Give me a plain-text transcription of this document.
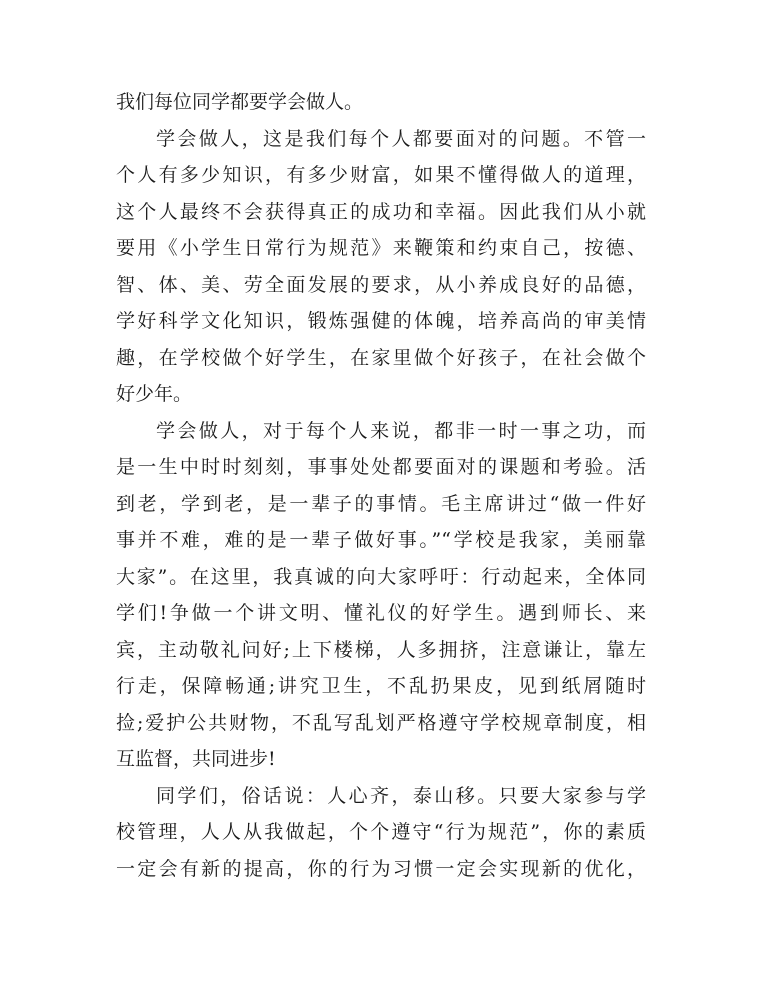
我们每位同学都要学会做人。
学会做人，这是我们每个人都要面对的问题。不管一
个人有多少知识，有多少财富，如果不懂得做人的道理，
这个人最终不会获得真正的成功和幸福。因此我们从小就
要用《小学生日常行为规范》来鞭策和约束自己，按德、
智、体、美、劳全面发展的要求，从小养成良好的品德，
学好科学文化知识，锻炼强健的体魄，培养高尚的审美情
趣，在学校做个好学生，在家里做个好孩子，在社会做个
好少年。
学会做人，对于每个人来说，都非一时一事之功，而
是一生中时时刻刻，事事处处都要面对的课题和考验。活
到老，学到老，是一辈子的事情。毛主席讲过“做一件好
事并不难，难的是一辈子做好事。”“学校是我家，美丽靠
大家”。在这里，我真诚的向大家呼吁：行动起来，全体同
学们!争做一个讲文明、懂礼仪的好学生。遇到师长、来
宾，主动敬礼问好;上下楼梯，人多拥挤，注意谦让，靠左
行走，保障畅通;讲究卫生，不乱扔果皮，见到纸屑随时
捡;爱护公共财物，不乱写乱划严格遵守学校规章制度，相
互监督，共同进步!
同学们，俗话说：人心齐，泰山移。只要大家参与学
校管理，人人从我做起，个个遵守“行为规范”，你的素质
一定会有新的提高，你的行为习惯一定会实现新的优化，
